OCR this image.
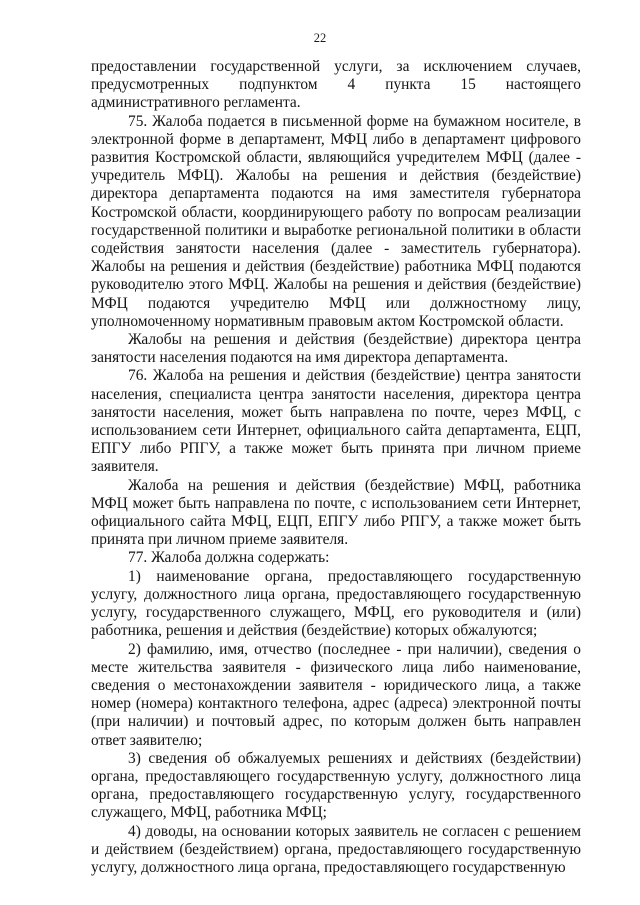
22

предоставлении государственной услуги, за исключением случаев, предусмотренных подпунктом 4 пункта 15 настоящего административного регламента.

75. Жалоба подается в письменной форме на бумажном носителе, в электронной форме в департамент, МФЦ либо в департамент цифрового развития Костромской области, являющийся учредителем МФЦ (далее - учредитель МФЦ). Жалобы на решения и действия (бездействие) директора департамента подаются на имя заместителя губернатора Костромской области, координирующего работу по вопросам реализации государственной политики и выработке региональной политики в области содействия занятости населения (далее - заместитель губернатора). Жалобы на решения и действия (бездействие) работника МФЦ подаются руководителю этого МФЦ. Жалобы на решения и действия (бездействие) МФЦ подаются учредителю МФЦ или должностному лицу, уполномоченному нормативным правовым актом Костромской области.

Жалобы на решения и действия (бездействие) директора центра занятости населения подаются на имя директора департамента.

76. Жалоба на решения и действия (бездействие) центра занятости населения, специалиста центра занятости населения, директора центра занятости населения, может быть направлена по почте, через МФЦ, с использованием сети Интернет, официального сайта департамента, ЕЦП, ЕПГУ либо РПГУ, а также может быть принята при личном приеме заявителя.

Жалоба на решения и действия (бездействие) МФЦ, работника МФЦ может быть направлена по почте, с использованием сети Интернет, официального сайта МФЦ, ЕЦП, ЕПГУ либо РПГУ, а также может быть принята при личном приеме заявителя.

77. Жалоба должна содержать:

1) наименование органа, предоставляющего государственную услугу, должностного лица органа, предоставляющего государственную услугу, государственного служащего, МФЦ, его руководителя и (или) работника, решения и действия (бездействие) которых обжалуются;

2) фамилию, имя, отчество (последнее - при наличии), сведения о месте жительства заявителя - физического лица либо наименование, сведения о местонахождении заявителя - юридического лица, а также номер (номера) контактного телефона, адрес (адреса) электронной почты (при наличии) и почтовый адрес, по которым должен быть направлен ответ заявителю;

3) сведения об обжалуемых решениях и действиях (бездействии) органа, предоставляющего государственную услугу, должностного лица органа, предоставляющего государственную услугу, государственного служащего, МФЦ, работника МФЦ;

4) доводы, на основании которых заявитель не согласен с решением и действием (бездействием) органа, предоставляющего государственную услугу, должностного лица органа, предоставляющего государственную
